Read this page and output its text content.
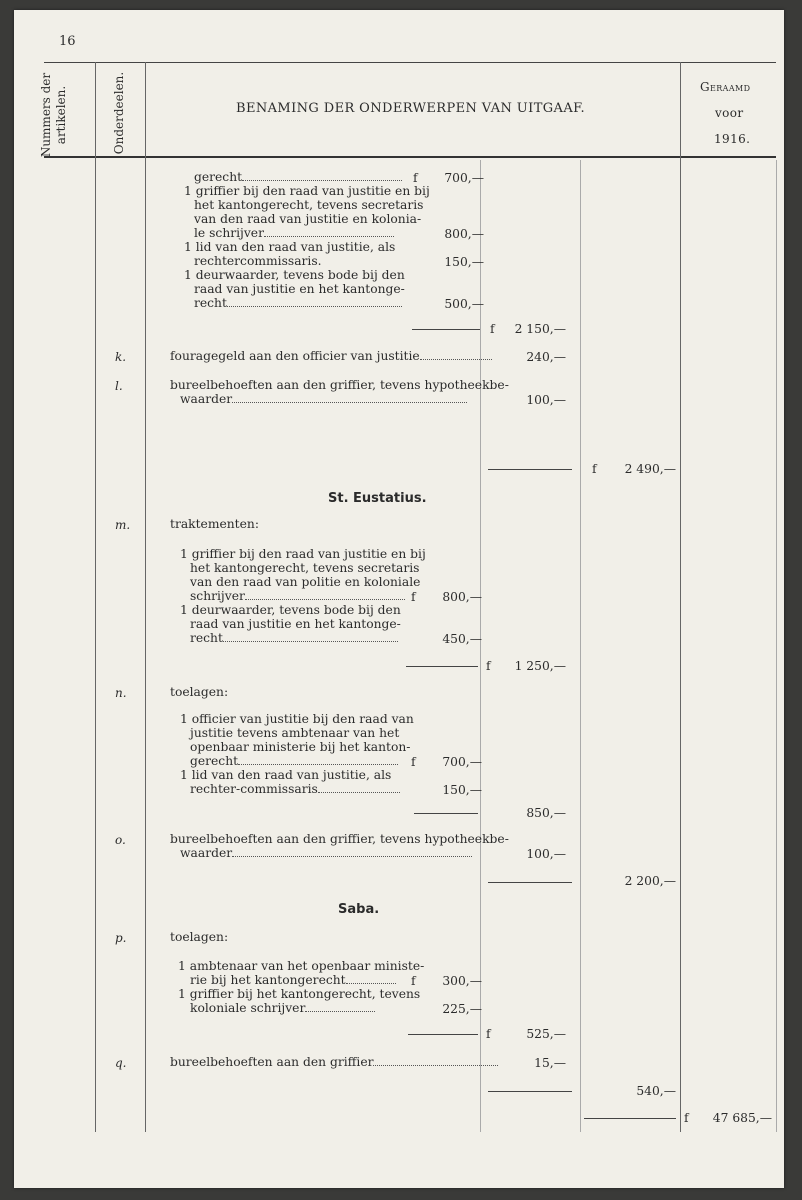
16
Nummers der artikelen.	Onderdeelen.	BENAMING DER ONDERWERPEN VAN UITGAAF.
Geraamd
voor
1916.
gerecht	f	700,—
1 griffier bij den raad van justitie en bij
het kantongerecht, tevens secretaris
van den raad van justitie en kolonia-
le schrijver	800,—
1 lid van den raad van justitie, als
rechtercommissaris.	150,—
1 deurwaarder, tevens bode bij den
raad van justitie en het kantonge-
recht	500,—
f	2 150,—
k.	fouragegeld aan den officier van justitie	240,—
l.	bureelbehoeften aan den griffier, tevens hypotheekbe-
waarder	100,—
f	2 490,—
St. Eustatius.
m.	traktementen:
1 griffier bij den raad van justitie en bij
het kantongerecht, tevens secretaris
van den raad van politie en koloniale
schrijver	f	800,—
1 deurwaarder, tevens bode bij den
raad van justitie en het kantonge-
recht	450,—
f	1 250,—
n.	toelagen:
1 officier van justitie bij den raad van
justitie tevens ambtenaar van het
openbaar ministerie bij het kanton-
gerecht	f	700,—
1 lid van den raad van justitie, als
rechter-commissaris	150,—
850,—
o.	bureelbehoeften aan den griffier, tevens hypotheekbe-
waarder	100,—
2 200,—
Saba.
p.	toelagen:
1 ambtenaar van het openbaar ministe-
rie bij het kantongerecht	f	300,—
1 griffier bij het kantongerecht, tevens
koloniale schrijver	225,—
f	525,—
q.	bureelbehoeften aan den griffier	15,—
540,—
f	47 685,—
